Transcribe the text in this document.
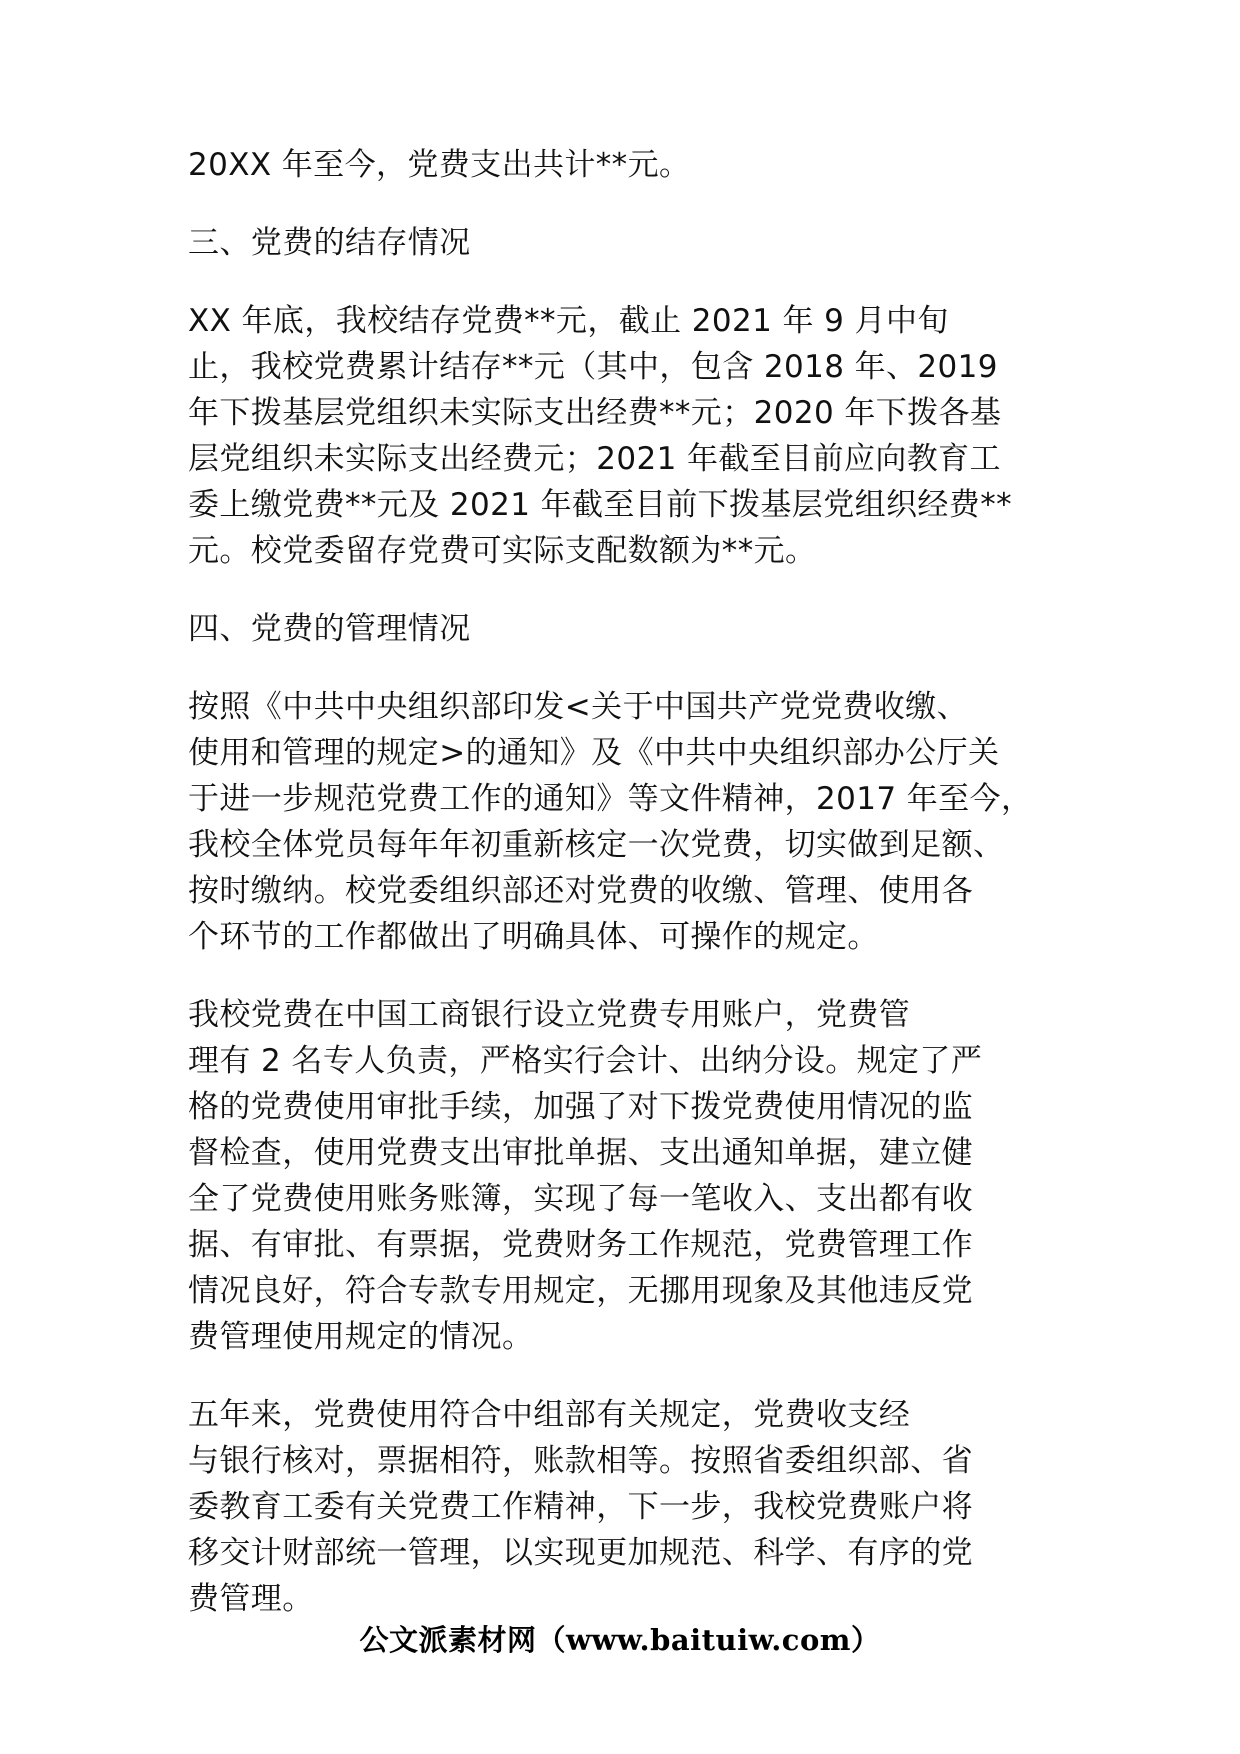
20XX 年至今，党费支出共计**元。

三、党费的结存情况

XX 年底，我校结存党费**元，截止 2021 年 9 月中旬
止，我校党费累计结存**元（其中，包含 2018 年、2019
年下拨基层党组织未实际支出经费**元；2020 年下拨各基
层党组织未实际支出经费元；2021 年截至目前应向教育工
委上缴党费**元及 2021 年截至目前下拨基层党组织经费**
元。校党委留存党费可实际支配数额为**元。

四、党费的管理情况

按照《中共中央组织部印发<关于中国共产党党费收缴、
使用和管理的规定>的通知》及《中共中央组织部办公厅关
于进一步规范党费工作的通知》等文件精神，2017 年至今，
我校全体党员每年年初重新核定一次党费，切实做到足额、
按时缴纳。校党委组织部还对党费的收缴、管理、使用各
个环节的工作都做出了明确具体、可操作的规定。

我校党费在中国工商银行设立党费专用账户，党费管
理有 2 名专人负责，严格实行会计、出纳分设。规定了严
格的党费使用审批手续，加强了对下拨党费使用情况的监
督检查，使用党费支出审批单据、支出通知单据，建立健
全了党费使用账务账簿，实现了每一笔收入、支出都有收
据、有审批、有票据，党费财务工作规范，党费管理工作
情况良好，符合专款专用规定，无挪用现象及其他违反党
费管理使用规定的情况。

五年来，党费使用符合中组部有关规定，党费收支经
与银行核对，票据相符，账款相等。按照省委组织部、省
委教育工委有关党费工作精神，下一步，我校党费账户将
移交计财部统一管理，以实现更加规范、科学、有序的党
费管理。

公文派素材网（www.baituiw.com）
